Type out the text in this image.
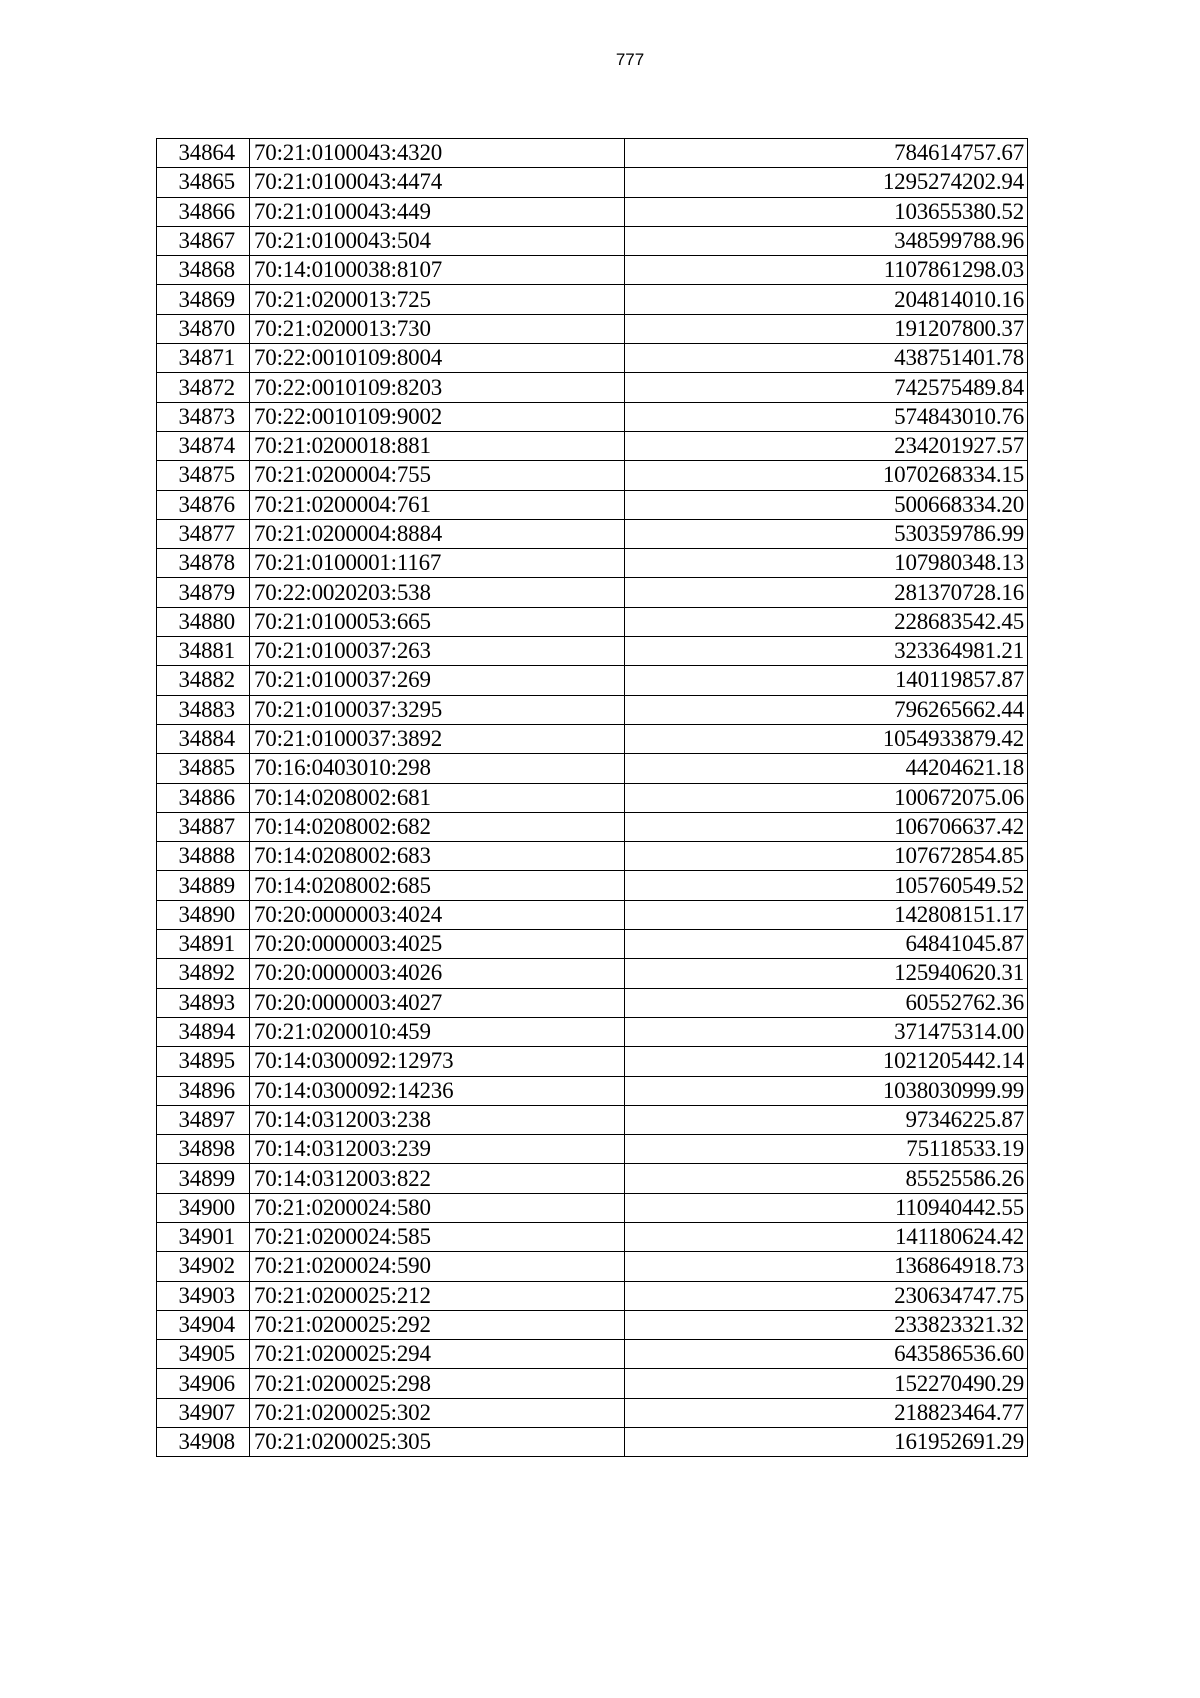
777
34864	70:21:0100043:4320	784614757.67
34865	70:21:0100043:4474	1295274202.94
34866	70:21:0100043:449	103655380.52
34867	70:21:0100043:504	348599788.96
34868	70:14:0100038:8107	1107861298.03
34869	70:21:0200013:725	204814010.16
34870	70:21:0200013:730	191207800.37
34871	70:22:0010109:8004	438751401.78
34872	70:22:0010109:8203	742575489.84
34873	70:22:0010109:9002	574843010.76
34874	70:21:0200018:881	234201927.57
34875	70:21:0200004:755	1070268334.15
34876	70:21:0200004:761	500668334.20
34877	70:21:0200004:8884	530359786.99
34878	70:21:0100001:1167	107980348.13
34879	70:22:0020203:538	281370728.16
34880	70:21:0100053:665	228683542.45
34881	70:21:0100037:263	323364981.21
34882	70:21:0100037:269	140119857.87
34883	70:21:0100037:3295	796265662.44
34884	70:21:0100037:3892	1054933879.42
34885	70:16:0403010:298	44204621.18
34886	70:14:0208002:681	100672075.06
34887	70:14:0208002:682	106706637.42
34888	70:14:0208002:683	107672854.85
34889	70:14:0208002:685	105760549.52
34890	70:20:0000003:4024	142808151.17
34891	70:20:0000003:4025	64841045.87
34892	70:20:0000003:4026	125940620.31
34893	70:20:0000003:4027	60552762.36
34894	70:21:0200010:459	371475314.00
34895	70:14:0300092:12973	1021205442.14
34896	70:14:0300092:14236	1038030999.99
34897	70:14:0312003:238	97346225.87
34898	70:14:0312003:239	75118533.19
34899	70:14:0312003:822	85525586.26
34900	70:21:0200024:580	110940442.55
34901	70:21:0200024:585	141180624.42
34902	70:21:0200024:590	136864918.73
34903	70:21:0200025:212	230634747.75
34904	70:21:0200025:292	233823321.32
34905	70:21:0200025:294	643586536.60
34906	70:21:0200025:298	152270490.29
34907	70:21:0200025:302	218823464.77
34908	70:21:0200025:305	161952691.29
